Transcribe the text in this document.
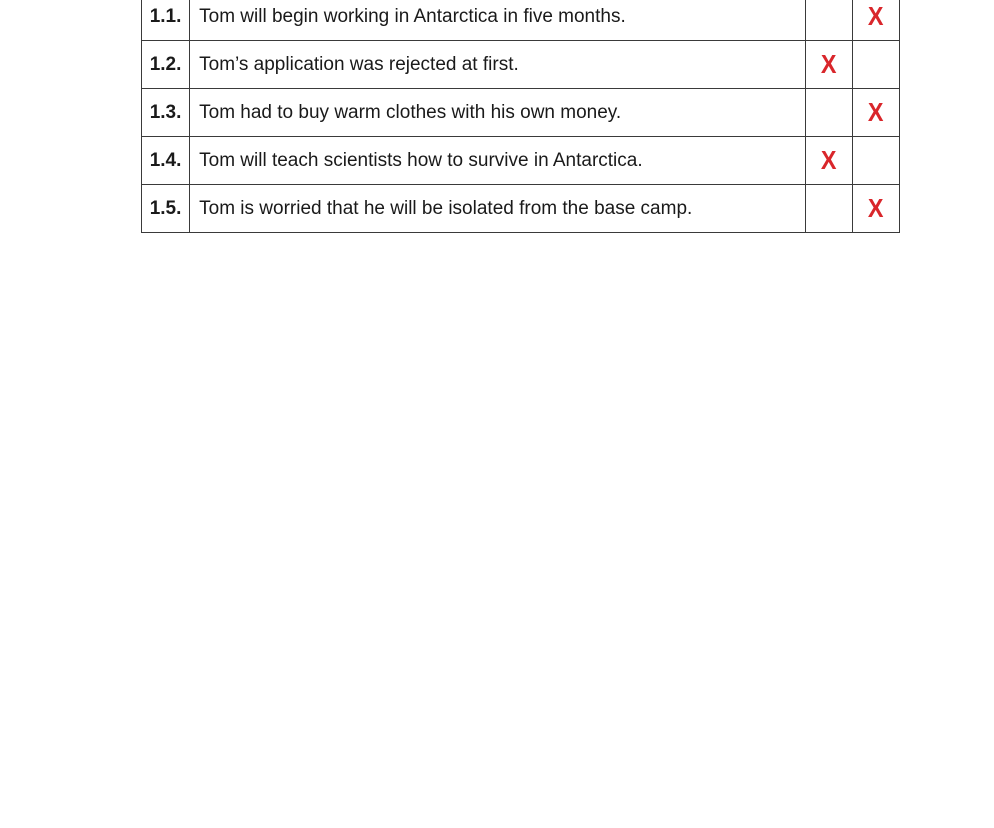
1.1.	Tom will begin working in Antarctica in five months.		X
1.2.	Tom’s application was rejected at first.	X	
1.3.	Tom had to buy warm clothes with his own money.		X
1.4.	Tom will teach scientists how to survive in Antarctica.	X	
1.5.	Tom is worried that he will be isolated from the base camp.		X
